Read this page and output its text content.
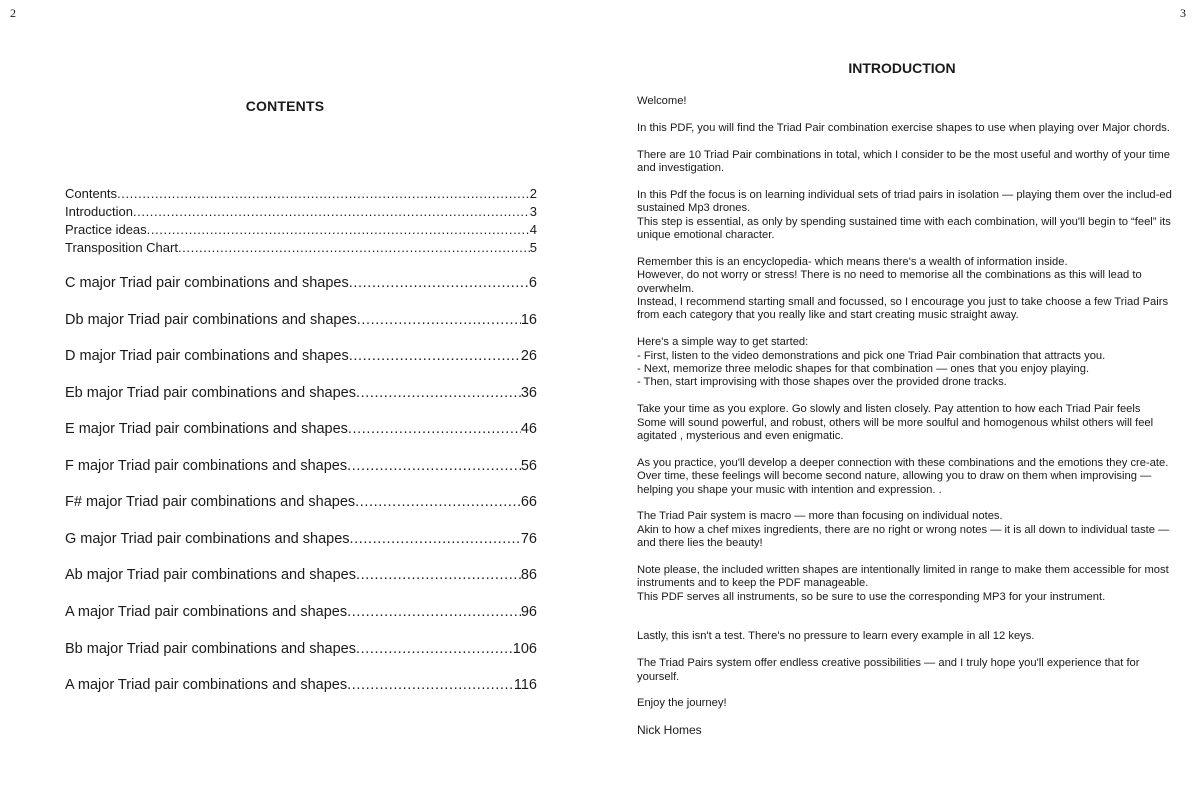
2	3
CONTENTS
Contents .....	2
Introduction .....	3
Practice ideas .....	4
Transposition Chart .....	5
C major Triad pair combinations and shapes .....	6
Db major Triad pair combinations and shapes .....	16
D major Triad pair combinations and shapes .....	26
Eb major Triad pair combinations and shapes .....	36
E major Triad pair combinations and shapes .....	46
F major Triad pair combinations and shapes .....	56
F# major Triad pair combinations and shapes .....	66
G major Triad pair combinations and shapes .....	76
Ab major Triad pair combinations and shapes .....	86
A major Triad pair combinations and shapes .....	96
Bb major Triad pair combinations and shapes .....	106
A major Triad pair combinations and shapes .....	116
INTRODUCTION

Welcome!

In this PDF, you will find the Triad Pair combination exercise shapes to use when playing over Major chords.

There are 10 Triad Pair combinations in total, which I consider to be the most useful and worthy of your time and investigation.

In this Pdf the focus is on learning individual sets of triad pairs in isolation — playing them over the includ-ed sustained Mp3 drones.
This step is essential, as only by spending sustained time with each combination, will you'll begin to “feel” its unique emotional character.

Remember this is an encyclopedia- which means there's a wealth of information inside.
However, do not worry or stress! There is no need to memorise all the combinations as this will lead to overwhelm.
Instead, I recommend starting small and focussed, so I encourage you just to take choose a few Triad Pairs from each category that you really like and start creating music straight away.

Here's a simple way to get started:
- First, listen to the video demonstrations and pick one Triad Pair combination that attracts you.
- Next, memorize three melodic shapes for that combination — ones that you enjoy playing.
- Then, start improvising with those shapes over the provided drone tracks.

Take your time as you explore. Go slowly and listen closely. Pay attention to how each Triad Pair feels
Some will sound powerful, and robust, others will be more soulful and homogenous whilst others will feel agitated , mysterious and even enigmatic.

As you practice, you'll develop a deeper connection with these combinations and the emotions they cre-ate. Over time, these feelings will become second nature, allowing you to draw on them when improvising — helping you shape your music with intention and expression. .

The Triad Pair system is macro — more than focusing on individual notes.
Akin to how a chef mixes ingredients, there are no right or wrong notes — it is all down to individual taste — and there lies the beauty!

Note please, the included written shapes are intentionally limited in range to make them accessible for most instruments and to keep the PDF manageable.
This PDF serves all instruments, so be sure to use the corresponding MP3 for your instrument.

Lastly, this isn't a test. There's no pressure to learn every example in all 12 keys.

The Triad Pairs system offer endless creative possibilities — and I truly hope you'll experience that for yourself.

Enjoy the journey!

Nick Homes
